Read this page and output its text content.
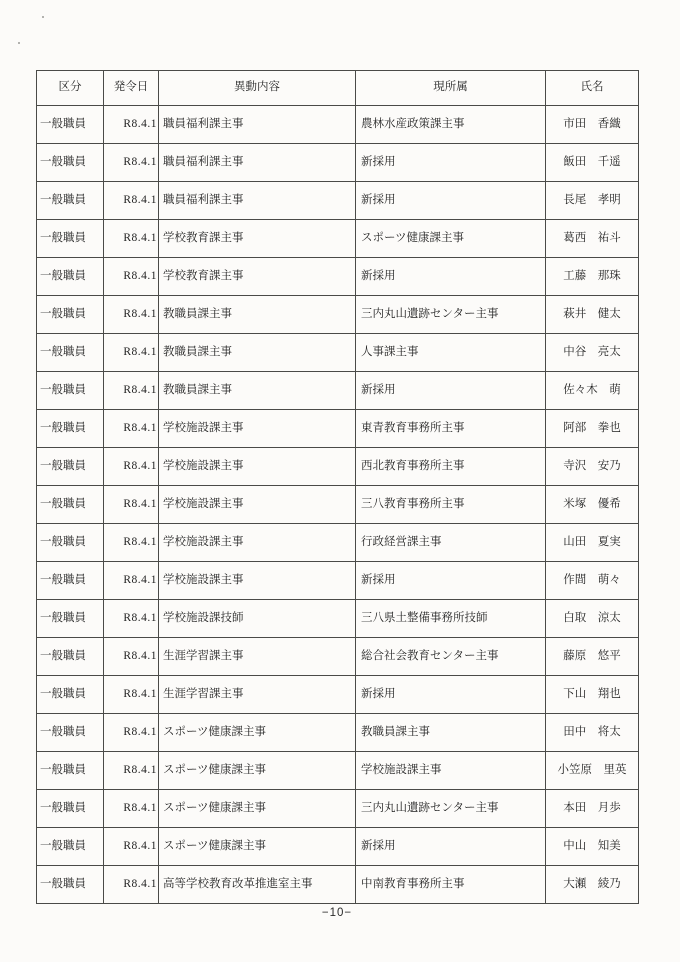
区分	発令日	異動内容	現所属	氏名
一般職員	R8.4.1	職員福利課主事	農林水産政策課主事	市田　香織
一般職員	R8.4.1	職員福利課主事	新採用	飯田　千遥
一般職員	R8.4.1	職員福利課主事	新採用	長尾　孝明
一般職員	R8.4.1	学校教育課主事	スポーツ健康課主事	葛西　祐斗
一般職員	R8.4.1	学校教育課主事	新採用	工藤　那珠
一般職員	R8.4.1	教職員課主事	三内丸山遺跡センター主事	萩井　健太
一般職員	R8.4.1	教職員課主事	人事課主事	中谷　亮太
一般職員	R8.4.1	教職員課主事	新採用	佐々木　萌
一般職員	R8.4.1	学校施設課主事	東青教育事務所主事	阿部　拳也
一般職員	R8.4.1	学校施設課主事	西北教育事務所主事	寺沢　安乃
一般職員	R8.4.1	学校施設課主事	三八教育事務所主事	米塚　優希
一般職員	R8.4.1	学校施設課主事	行政経営課主事	山田　夏実
一般職員	R8.4.1	学校施設課主事	新採用	作間　萌々
一般職員	R8.4.1	学校施設課技師	三八県土整備事務所技師	白取　涼太
一般職員	R8.4.1	生涯学習課主事	総合社会教育センター主事	藤原　悠平
一般職員	R8.4.1	生涯学習課主事	新採用	下山　翔也
一般職員	R8.4.1	スポーツ健康課主事	教職員課主事	田中　将太
一般職員	R8.4.1	スポーツ健康課主事	学校施設課主事	小笠原　里英
一般職員	R8.4.1	スポーツ健康課主事	三内丸山遺跡センター主事	本田　月歩
一般職員	R8.4.1	スポーツ健康課主事	新採用	中山　知美
一般職員	R8.4.1	高等学校教育改革推進室主事	中南教育事務所主事	大瀬　綾乃
−10−
